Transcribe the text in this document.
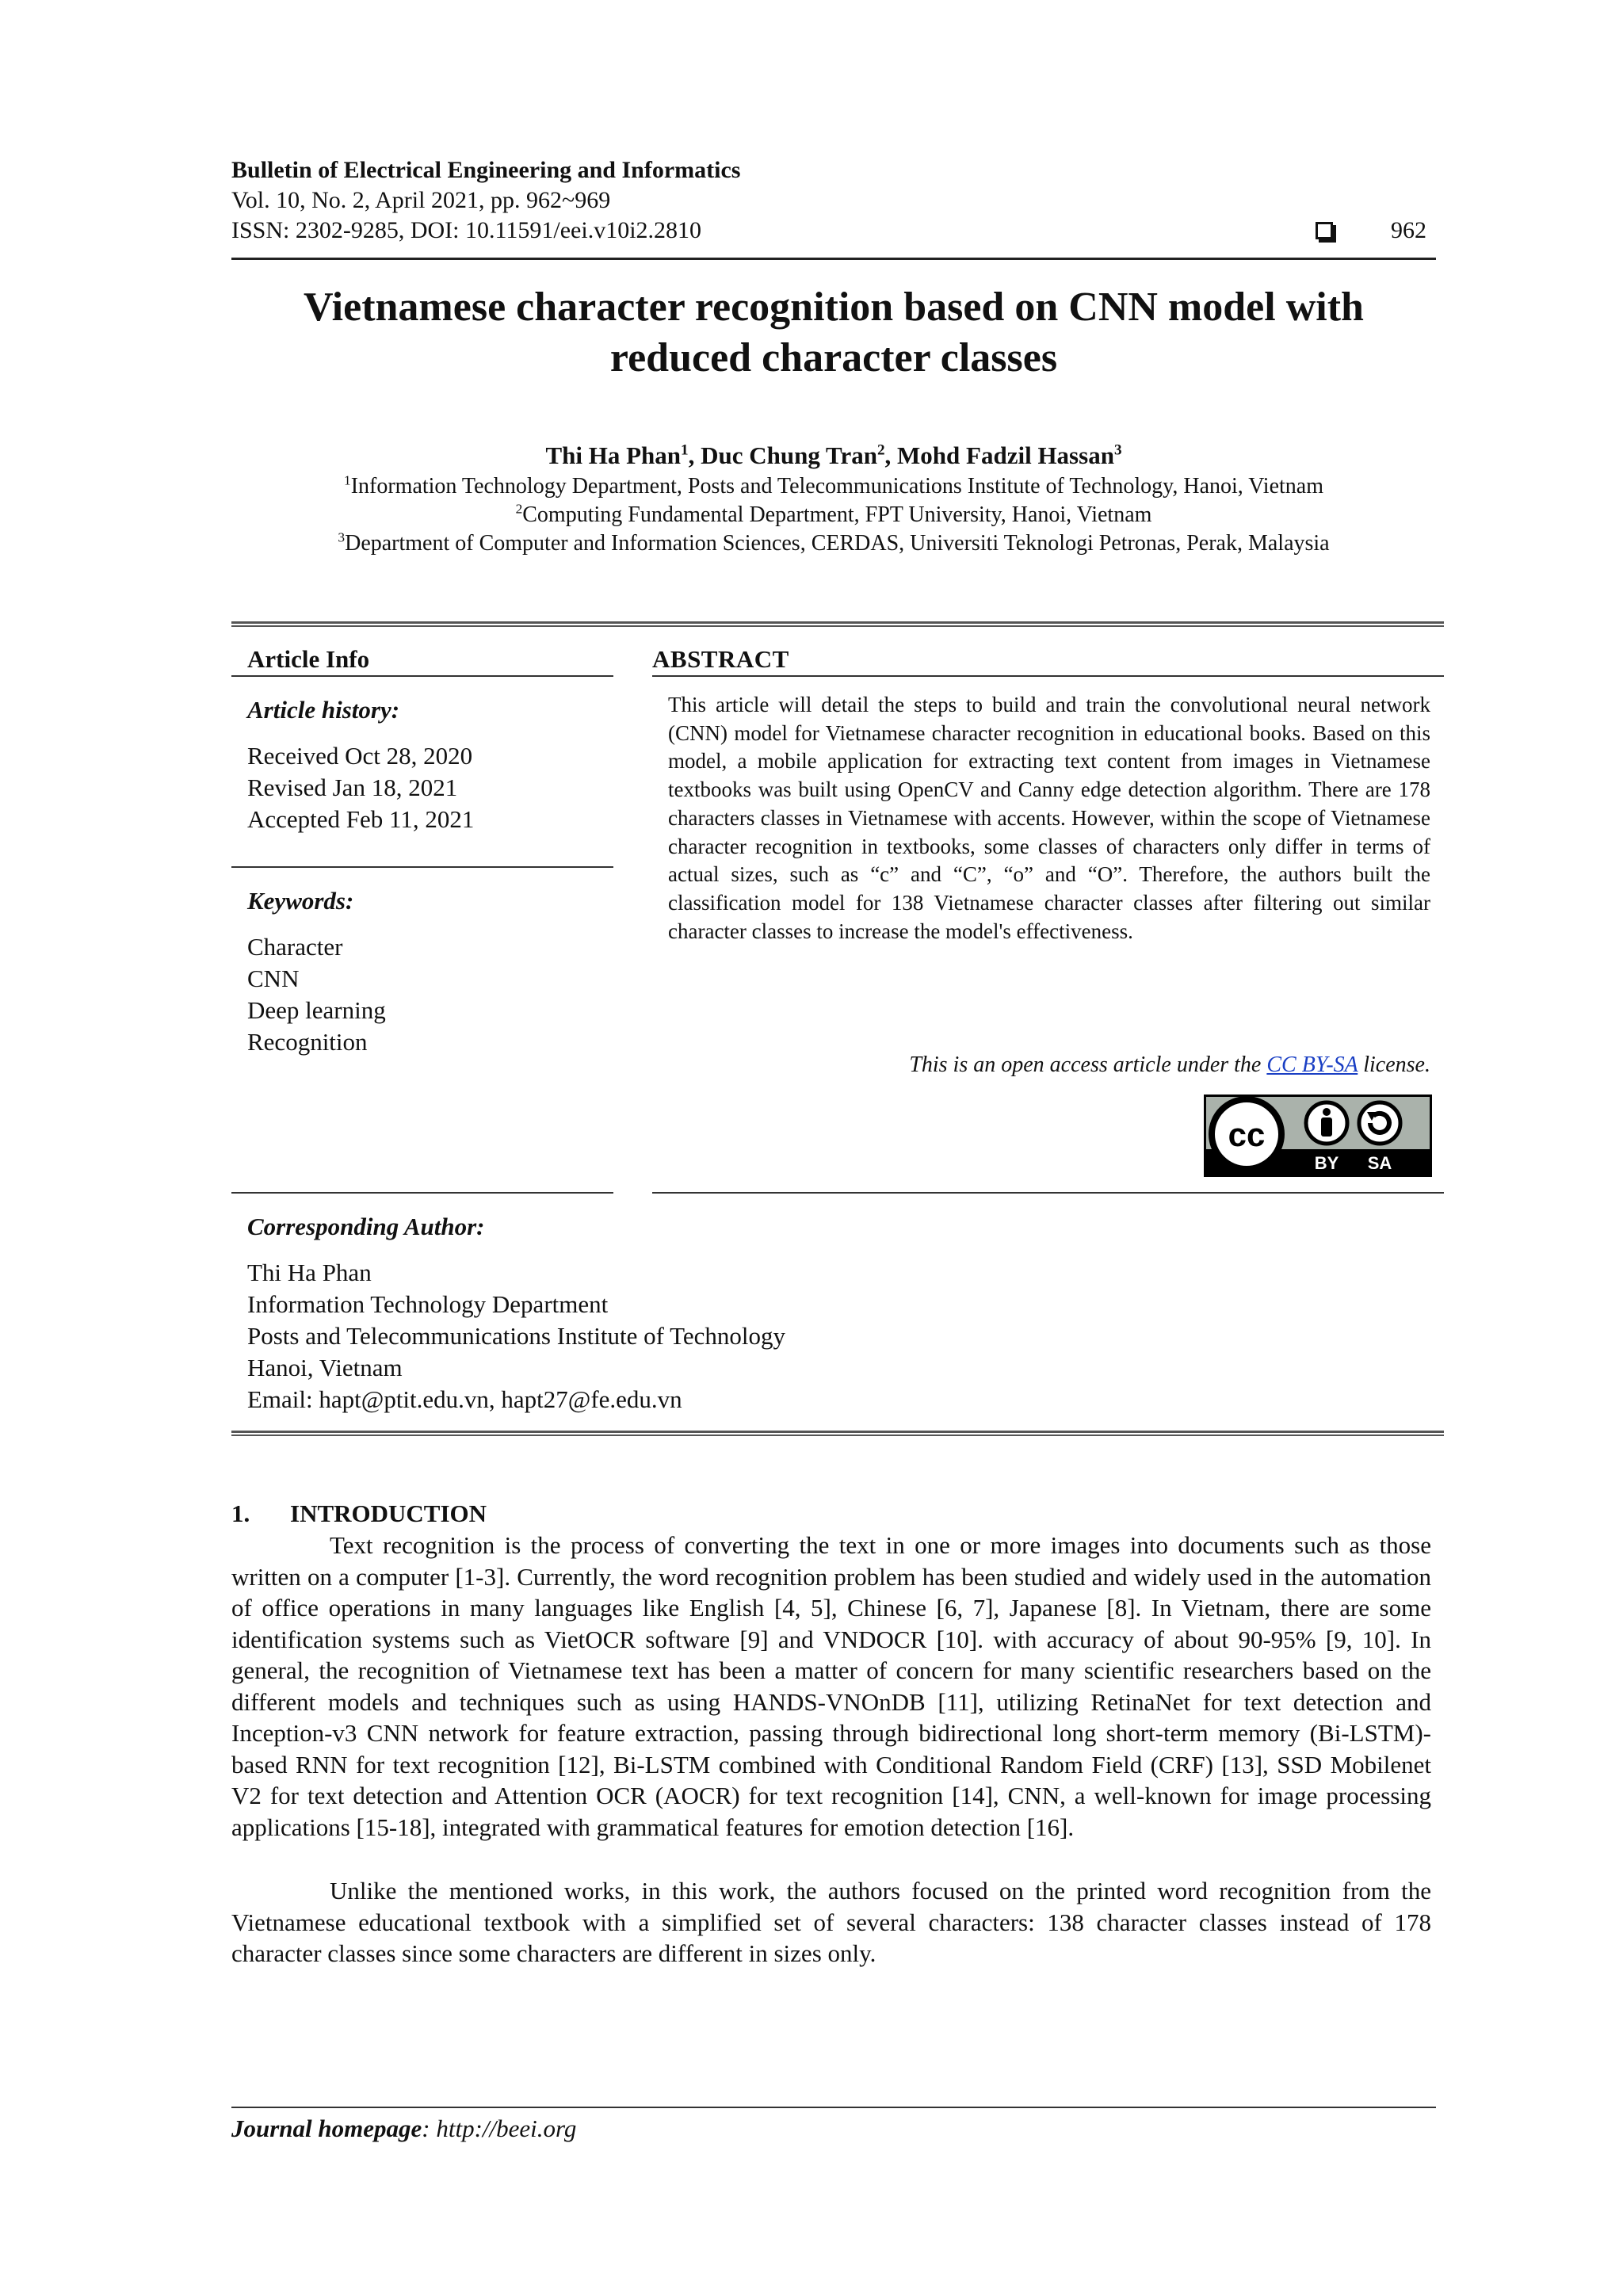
Bulletin of Electrical Engineering and Informatics
Vol. 10, No. 2, April 2021, pp. 962~969
ISSN: 2302-9285, DOI: 10.11591/eei.v10i2.2810	962
Vietnamese character recognition based on CNN model with
reduced character classes
Thi Ha Phan$^1$, Duc Chung Tran$^2$, Mohd Fadzil Hassan$^3$
$^1$Information Technology Department, Posts and Telecommunications Institute of Technology, Hanoi, Vietnam
$^2$Computing Fundamental Department, FPT University, Hanoi, Vietnam
$^3$Department of Computer and Information Sciences, CERDAS, Universiti Teknologi Petronas, Perak, Malaysia
Article Info	ABSTRACT
Article history:
Received Oct 28, 2020
Revised Jan 18, 2021
Accepted Feb 11, 2021
Keywords:
Character
CNN
Deep learning
Recognition
This article will detail the steps to build and train the convolutional neural network (CNN) model for Vietnamese character recognition in educational books. Based on this model, a mobile application for extracting text content from images in Vietnamese textbooks was built using OpenCV and Canny edge detection algorithm. There are 178 characters classes in Vietnamese with accents. However, within the scope of Vietnamese character recognition in textbooks, some classes of characters only differ in terms of actual sizes, such as “c” and “C”, “o” and “O”. Therefore, the authors built the classification model for 138 Vietnamese character classes after filtering out similar character classes to increase the model's effectiveness.
This is an open access article under the CC BY-SA license.
cc
BY SA
Corresponding Author:
Thi Ha Phan
Information Technology Department
Posts and Telecommunications Institute of Technology
Hanoi, Vietnam
Email: hapt@ptit.edu.vn, hapt27@fe.edu.vn
1. INTRODUCTION

Text recognition is the process of converting the text in one or more images into documents such as those written on a computer [1-3]. Currently, the word recognition problem has been studied and widely used in the automation of office operations in many languages like English [4, 5], Chinese [6, 7], Japanese [8]. In Vietnam, there are some identification systems such as VietOCR software [9] and VNDOCR [10]. with accuracy of about 90-95% [9, 10]. In general, the recognition of Vietnamese text has been a matter of concern for many scientific researchers based on the different models and techniques such as using HANDS-VNOnDB [11], utilizing RetinaNet for text detection and Inception-v3 CNN network for feature extraction, passing through bidirectional long short-term memory (Bi-LSTM)-based RNN for text recognition [12], Bi-LSTM combined with Conditional Random Field (CRF) [13], SSD Mobilenet V2 for text detection and Attention OCR (AOCR) for text recognition [14], CNN, a well-known for image processing applications [15-18], integrated with grammatical features for emotion detection [16].

Unlike the mentioned works, in this work, the authors focused on the printed word recognition from the Vietnamese educational textbook with a simplified set of several characters: 138 character classes instead of 178 character classes since some characters are different in sizes only.

Journal homepage: http://beei.org
